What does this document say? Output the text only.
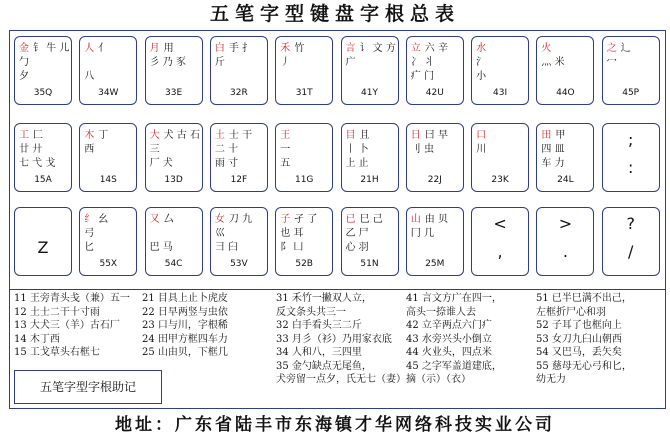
五笔字型键盘字根总表
金 钅 牛 儿
勹
夕
35Q
人 亻
八
34W
月 用
彡 乃 豕
33E
白 手 扌
斤
32R
禾 竹
丿
31T
言 讠 文 方
广
41Y
立 六 辛
冫 丬
疒 门
42U
水
氵
小
43I
火
灬 米
44O
之 辶
冖
45P
工 匚
廿 廾
七 弋 戈
15A
木 丁
西
14S
大 犬 古 石
三
厂 犬
13D
土 士 干
二 十
雨 寸
12F
王
一
五
11G
目 且
丨 卜
上 止
21H
日 曰 早
刂 虫
22J
口
川
23K
田 甲
四 皿
车 力
24L
;
:
Z
纟 幺
弓
匕
55X
又 厶
巴 马
54C
女 刀 九
巛
彐 臼
53V
子 孑 了
也 耳
阝 凵
52B
已 巳 己
乙 尸
心 羽
51N
山 由 贝
冂 几
25M
<
,
>
.
?
/
11 王旁青头戋（兼）五一
12 土士二干十寸雨
13 大犬三（羊）古石厂
14 木丁西
15 工戈草头右框七
21 目具上止卜虎皮
22 日早两竖与虫依
23 口与川，字根稀
24 田甲方框四车力
25 山由贝，下框几
31 禾竹一撇双人立，
反文条头共三一
32 白手看头三二斤
33 月彡（衫）乃用家衣底
34 人和八，三四里
35 金勺缺点无尾鱼，
犬旁留一点夕，氏无七（妻）
41 言文方广在四一，
高头一捺谁人去
42 立辛两点六门疒
43 水旁兴头小倒立
44 火业头，四点米
45 之字军盖道建底，
摘（示）（衣）
51 已半巳满不出己，
左框折尸心和羽
52 子耳了也框向上
53 女刀九臼山朝西
54 又巴马，丢矢矣
55 慈母无心弓和匕，
幼无力
五笔字型字根助记
地址：广东省陆丰市东海镇才华网络科技实业公司
